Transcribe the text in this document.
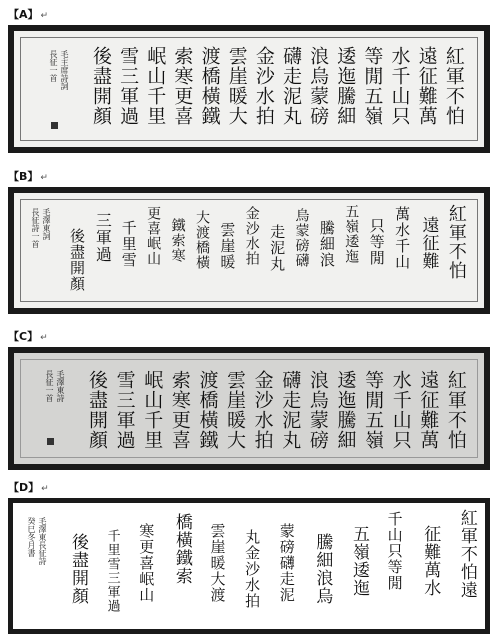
【A】 ↵
紅軍不怕
遠征難萬
水千山只
等閒五嶺
逶迤騰細
浪烏蒙磅
礴走泥丸
金沙水拍
雲崖暖大
渡橋橫鐵
索寒更喜
岷山千里
雪三軍過
後盡開顏
毛主席詩詞
長征一首
【B】 ↵
紅軍不怕
遠征難
萬水千山
只等閒
五嶺逶迤
騰細浪
烏蒙磅礴
走泥丸
金沙水拍
雲崖暖
大渡橋橫
鐵索寒
更喜岷山
千里雪
三軍過
後盡開顏
毛澤東詞
長征詩一首
【C】 ↵
紅軍不怕
遠征難萬
水千山只
等閒五嶺
逶迤騰細
浪烏蒙磅
礴走泥丸
金沙水拍
雲崖暖大
渡橋橫鐵
索寒更喜
岷山千里
雪三軍過
後盡開顏
毛澤東詩
長征一首
【D】 ↵
紅軍不怕遠
征難萬水
千山只等閒
五嶺逶迤
騰細浪烏
蒙磅礴走泥
丸金沙水拍
雲崖暖大渡
橋橫鐵索
寒更喜岷山
千里雪三軍過
後盡開顏
毛澤東長征詩
癸巳冬月書
